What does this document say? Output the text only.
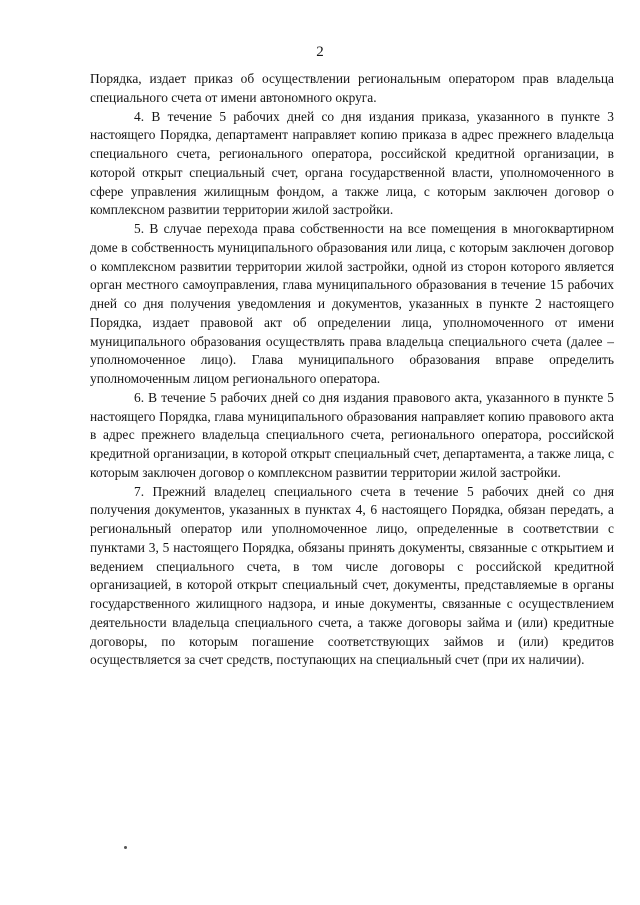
2

Порядка, издает приказ об осуществлении региональным оператором прав владельца специального счета от имени автономного округа.

4. В течение 5 рабочих дней со дня издания приказа, указанного в пункте 3 настоящего Порядка, департамент направляет копию приказа в адрес прежнего владельца специального счета, регионального оператора, российской кредитной организации, в которой открыт специальный счет, органа государственной власти, уполномоченного в сфере управления жилищным фондом, а также лица, с которым заключен договор о комплексном развитии территории жилой застройки.

5. В случае перехода права собственности на все помещения в многоквартирном доме в собственность муниципального образования или лица, с которым заключен договор о комплексном развитии территории жилой застройки, одной из сторон которого является орган местного самоуправления, глава муниципального образования в течение 15 рабочих дней со дня получения уведомления и документов, указанных в пункте 2 настоящего Порядка, издает правовой акт об определении лица, уполномоченного от имени муниципального образования осуществлять права владельца специального счета (далее – уполномоченное лицо). Глава муниципального образования вправе определить уполномоченным лицом регионального оператора.

6. В течение 5 рабочих дней со дня издания правового акта, указанного в пункте 5 настоящего Порядка, глава муниципального образования направляет копию правового акта в адрес прежнего владельца специального счета, регионального оператора, российской кредитной организации, в которой открыт специальный счет, департамента, а также лица, с которым заключен договор о комплексном развитии территории жилой застройки.

7. Прежний владелец специального счета в течение 5 рабочих дней со дня получения документов, указанных в пунктах 4, 6 настоящего Порядка, обязан передать, а региональный оператор или уполномоченное лицо, определенные в соответствии с пунктами 3, 5 настоящего Порядка, обязаны принять документы, связанные с открытием и ведением специального счета, в том числе договоры с российской кредитной организацией, в которой открыт специальный счет, документы, представляемые в органы государственного жилищного надзора, и иные документы, связанные с осуществлением деятельности владельца специального счета, а также договоры займа и (или) кредитные договоры, по которым погашение соответствующих займов и (или) кредитов осуществляется за счет средств, поступающих на специальный счет (при их наличии).
